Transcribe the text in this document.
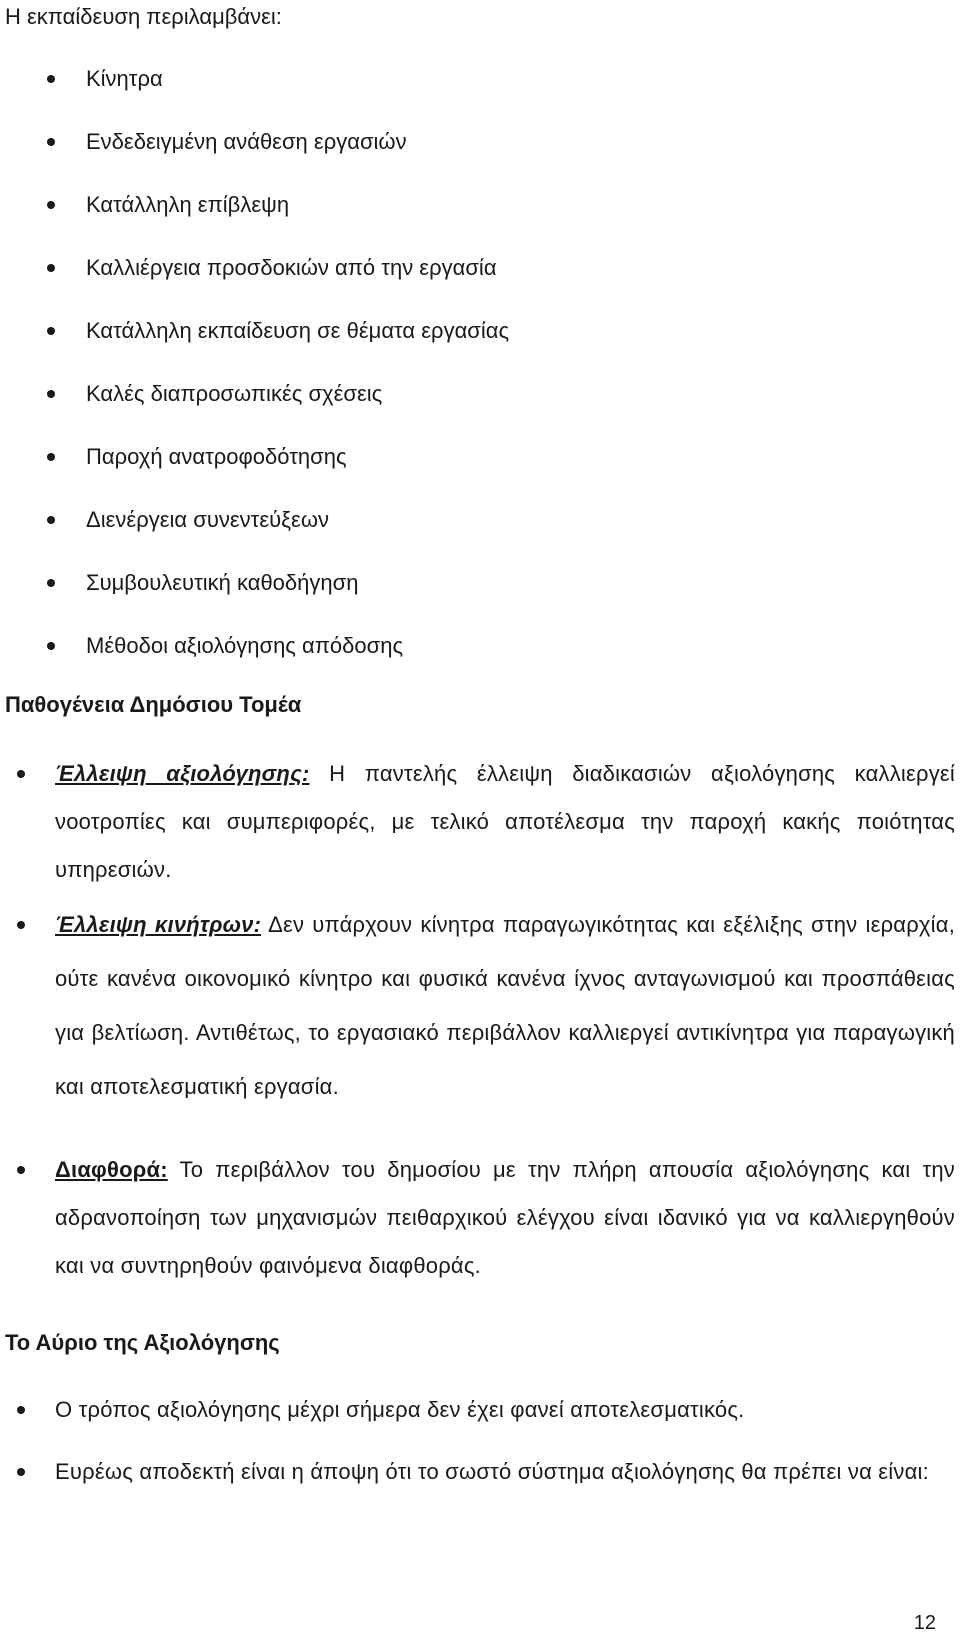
Η εκπαίδευση περιλαμβάνει:
Κίνητρα
Ενδεδειγμένη ανάθεση εργασιών
Κατάλληλη επίβλεψη
Καλλιέργεια προσδοκιών από την εργασία
Κατάλληλη εκπαίδευση σε θέματα εργασίας
Καλές διαπροσωπικές σχέσεις
Παροχή ανατροφοδότησης
Διενέργεια συνεντεύξεων
Συμβουλευτική καθοδήγηση
Μέθοδοι αξιολόγησης απόδοσης
Παθογένεια Δημόσιου Τομέα

Έλλειψη αξιολόγησης: Η παντελής έλλειψη διαδικασιών αξιολόγησης καλλιεργεί νοοτροπίες και συμπεριφορές, με τελικό αποτέλεσμα την παροχή κακής ποιότητας υπηρεσιών.

Έλλειψη κινήτρων: Δεν υπάρχουν κίνητρα παραγωγικότητας και εξέλιξης στην ιεραρχία, ούτε κανένα οικονομικό κίνητρο και φυσικά κανένα ίχνος ανταγωνισμού και προσπάθειας για βελτίωση. Αντιθέτως, το εργασιακό περιβάλλον καλλιεργεί αντικίνητρα για παραγωγική και αποτελεσματική εργασία.

Διαφθορά: Το περιβάλλον του δημοσίου με την πλήρη απουσία αξιολόγησης και την αδρανοποίηση των μηχανισμών πειθαρχικού ελέγχου είναι ιδανικό για να καλλιεργηθούν και να συντηρηθούν φαινόμενα διαφθοράς.

Το Αύριο της Αξιολόγησης

Ο τρόπος αξιολόγησης μέχρι σήμερα δεν έχει φανεί αποτελεσματικός.

Ευρέως αποδεκτή είναι η άποψη ότι το σωστό σύστημα αξιολόγησης θα πρέπει να είναι:

12
